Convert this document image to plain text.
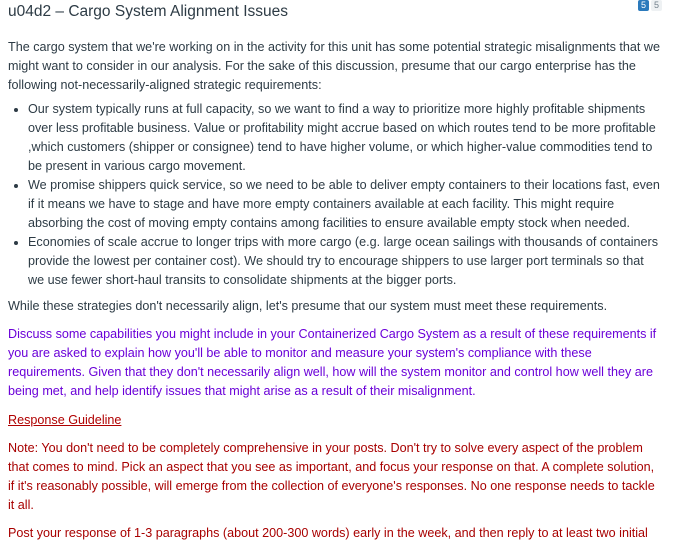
u04d2 – Cargo System Alignment Issues	5 5

The cargo system that we're working on in the activity for this unit has some potential strategic misalignments that we might want to consider in our analysis. For the sake of this discussion, presume that our cargo enterprise has the following not-necessarily-aligned strategic requirements:

• Our system typically runs at full capacity, so we want to find a way to prioritize more highly profitable shipments over less profitable business. Value or profitability might accrue based on which routes tend to be more profitable ,which customers (shipper or consignee) tend to have higher volume, or which higher-value commodities tend to be present in various cargo movement.
• We promise shippers quick service, so we need to be able to deliver empty containers to their locations fast, even if it means we have to stage and have more empty containers available at each facility. This might require absorbing the cost of moving empty contains among facilities to ensure available empty stock when needed.
• Economies of scale accrue to longer trips with more cargo (e.g. large ocean sailings with thousands of containers provide the lowest per container cost). We should try to encourage shippers to use larger port terminals so that we use fewer short-haul transits to consolidate shipments at the bigger ports.

While these strategies don't necessarily align, let's presume that our system must meet these requirements.

Discuss some capabilities you might include in your Containerized Cargo System as a result of these requirements if you are asked to explain how you'll be able to monitor and measure your system's compliance with these requirements. Given that they don't necessarily align well, how will the system monitor and control how well they are being met, and help identify issues that might arise as a result of their misalignment.

Response Guideline

Note: You don't need to be completely comprehensive in your posts. Don't try to solve every aspect of the problem that comes to mind. Pick an aspect that you see as important, and focus your response on that. A complete solution, if it's reasonably possible, will emerge from the collection of everyone's responses. No one response needs to tackle it all.

Post your response of 1-3 paragraphs (about 200-300 words) early in the week, and then reply to at least two initial
